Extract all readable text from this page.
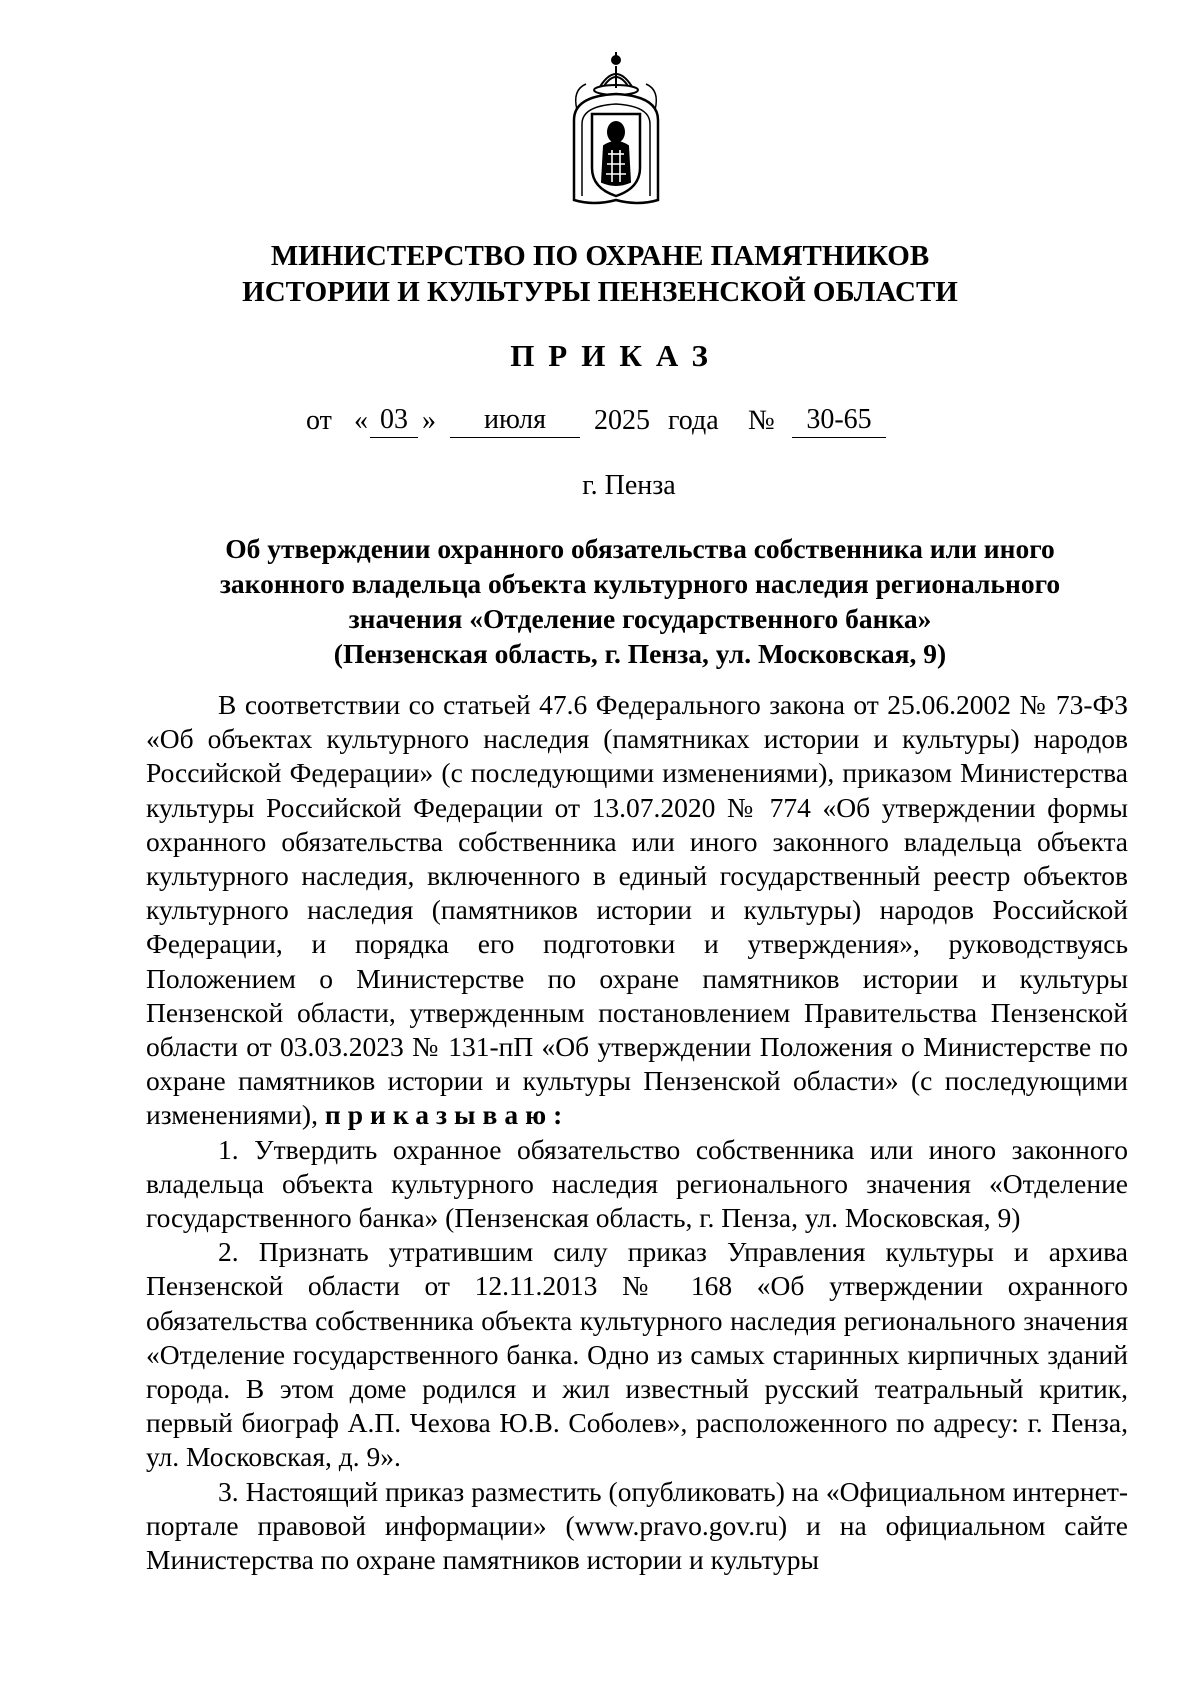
МИНИСТЕРСТВО ПО ОХРАНЕ ПАМЯТНИКОВ
ИСТОРИИ И КУЛЬТУРЫ ПЕНЗЕНСКОЙ ОБЛАСТИ
ПРИКАЗ
от « 03 »	июля	2025 года №	30-65
г. Пенза
Об утверждении охранного обязательства собственника или иного
законного владельца объекта культурного наследия регионального
значения «Отделение государственного банка»
(Пензенская область, г. Пенза, ул. Московская, 9)

В соответствии со статьей 47.6 Федерального закона от 25.06.2002 № 73-ФЗ «Об объектах культурного наследия (памятниках истории и культуры) народов Российской Федерации» (с последующими изменениями), приказом Министерства культуры Российской Федерации от 13.07.2020 № 774 «Об утверждении формы охранного обязательства собственника или иного законного владельца объекта культурного наследия, включенного в единый государственный реестр объектов культурного наследия (памятников истории и культуры) народов Российской Федерации, и порядка его подготовки и утверждения», руководствуясь Положением о Министерстве по охране памятников истории и культуры Пензенской области, утвержденным постановлением Правительства Пензенской области от 03.03.2023 № 131-пП «Об утверждении Положения о Министерстве по охране памятников истории и культуры Пензенской области» (с последующими изменениями), приказываю:

1. Утвердить охранное обязательство собственника или иного законного владельца объекта культурного наследия регионального значения «Отделение государственного банка» (Пензенская область, г. Пенза, ул. Московская, 9)

2. Признать утратившим силу приказ Управления культуры и архива Пензенской области от 12.11.2013 № 168 «Об утверждении охранного обязательства собственника объекта культурного наследия регионального значения «Отделение государственного банка. Одно из самых старинных кирпичных зданий города. В этом доме родился и жил известный русский театральный критик, первый биограф А.П. Чехова Ю.В. Соболев», расположенного по адресу: г. Пенза, ул. Московская, д. 9».

3. Настоящий приказ разместить (опубликовать) на «Официальном интернет-портале правовой информации» (www.pravo.gov.ru) и на официальном сайте Министерства по охране памятников истории и культуры
